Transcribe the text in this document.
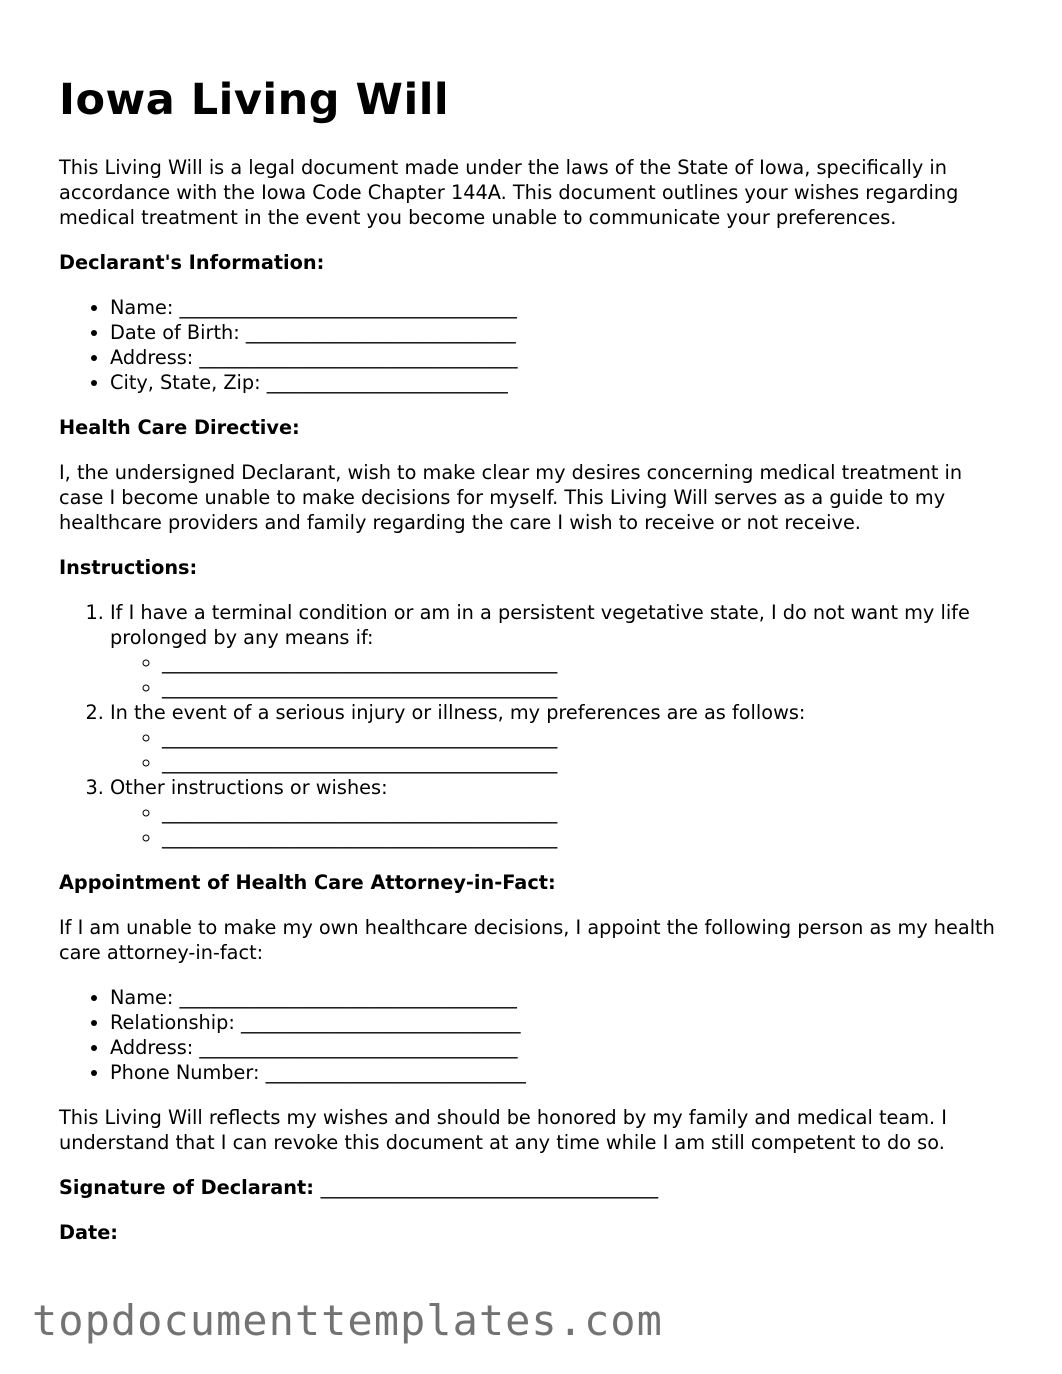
Iowa Living Will

This Living Will is a legal document made under the laws of the State of Iowa, specifically in accordance with the Iowa Code Chapter 144A. This document outlines your wishes regarding medical treatment in the event you become unable to communicate your preferences.

Declarant's Information:

• Name: ___________________________________
• Date of Birth: ____________________________
• Address: _________________________________
• City, State, Zip: _________________________

Health Care Directive:

I, the undersigned Declarant, wish to make clear my desires concerning medical treatment in case I become unable to make decisions for myself. This Living Will serves as a guide to my healthcare providers and family regarding the care I wish to receive or not receive.

Instructions:

1. If I have a terminal condition or am in a persistent vegetative state, I do not want my life prolonged by any means if:
◦ _________________________________________
◦ _________________________________________
2. In the event of a serious injury or illness, my preferences are as follows:
◦ _________________________________________
◦ _________________________________________
3. Other instructions or wishes:
◦ _________________________________________
◦ _________________________________________

Appointment of Health Care Attorney-in-Fact:

If I am unable to make my own healthcare decisions, I appoint the following person as my health care attorney-in-fact:

• Name: ___________________________________
• Relationship: _____________________________
• Address: _________________________________
• Phone Number: ___________________________

This Living Will reflects my wishes and should be honored by my family and medical team. I understand that I can revoke this document at any time while I am still competent to do so.

Signature of Declarant: ___________________________________

Date:

topdocumenttemplates.com
